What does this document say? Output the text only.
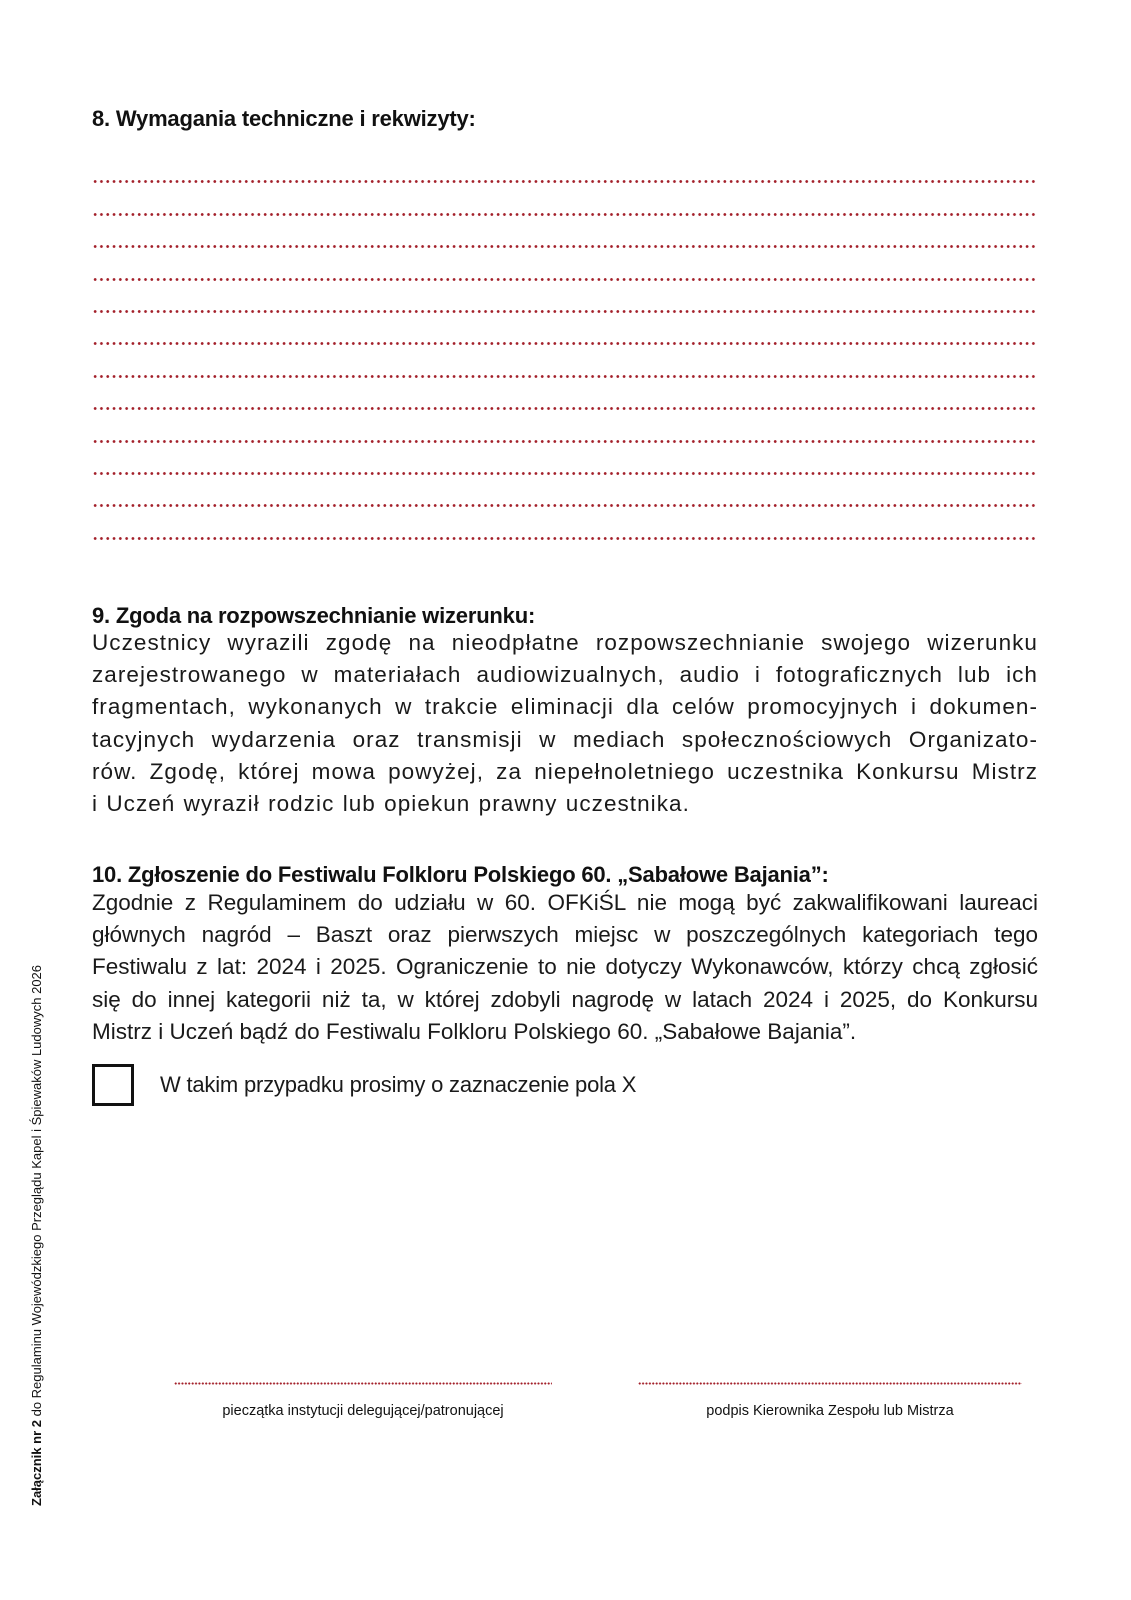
8. Wymagania techniczne i rekwizyty:
9. Zgoda na rozpowszechnianie wizerunku:
Uczestnicy wyrazili zgodę na nieodpłatne rozpowszechnianie swojego wizerunku
zarejestrowanego w materiałach audiowizualnych, audio i fotograficznych lub ich
fragmentach, wykonanych w trakcie eliminacji dla celów promocyjnych i dokumen-
tacyjnych wydarzenia oraz transmisji w mediach społecznościowych Organizato-
rów. Zgodę, której mowa powyżej, za niepełnoletniego uczestnika Konkursu Mistrz
i Uczeń wyraził rodzic lub opiekun prawny uczestnika.
10. Zgłoszenie do Festiwalu Folkloru Polskiego 60. „Sabałowe Bajania”:
Zgodnie z Regulaminem do udziału w 60. OFKiŚL nie mogą być zakwalifikowani laureaci
głównych nagród – Baszt oraz pierwszych miejsc w poszczególnych kategoriach tego
Festiwalu z lat: 2024 i 2025. Ograniczenie to nie dotyczy Wykonawców, którzy chcą zgłosić
się do innej kategorii niż ta, w której zdobyli nagrodę w latach 2024 i 2025, do Konkursu
Mistrz i Uczeń bądź do Festiwalu Folkloru Polskiego 60. „Sabałowe Bajania”.
W takim przypadku prosimy o zaznaczenie pola X
pieczątka instytucji delegującej/patronującej	podpis Kierownika Zespołu lub Mistrza
Załącznik nr 2 do Regulaminu Wojewódzkiego Przeglądu Kapel i Śpiewaków Ludowych 2026
